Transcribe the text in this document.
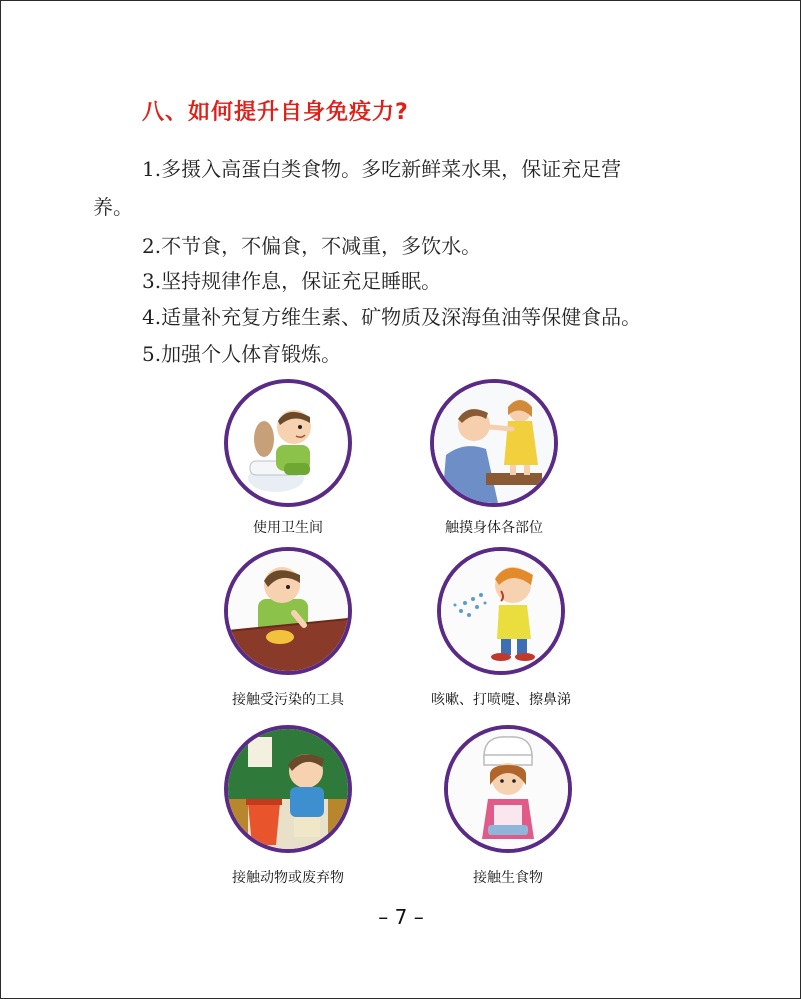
八、如何提升自身免疫力?
1.多摄入高蛋白类食物。多吃新鲜菜水果，保证充足营
养。
2.不节食，不偏食，不减重，多饮水。
3.坚持规律作息，保证充足睡眠。
4.适量补充复方维生素、矿物质及深海鱼油等保健食品。
5.加强个人体育锻炼。
使用卫生间	触摸身体各部位
接触受污染的工具	咳嗽、打喷嚏、擦鼻涕
接触动物或废弃物	接触生食物
– 7 –
